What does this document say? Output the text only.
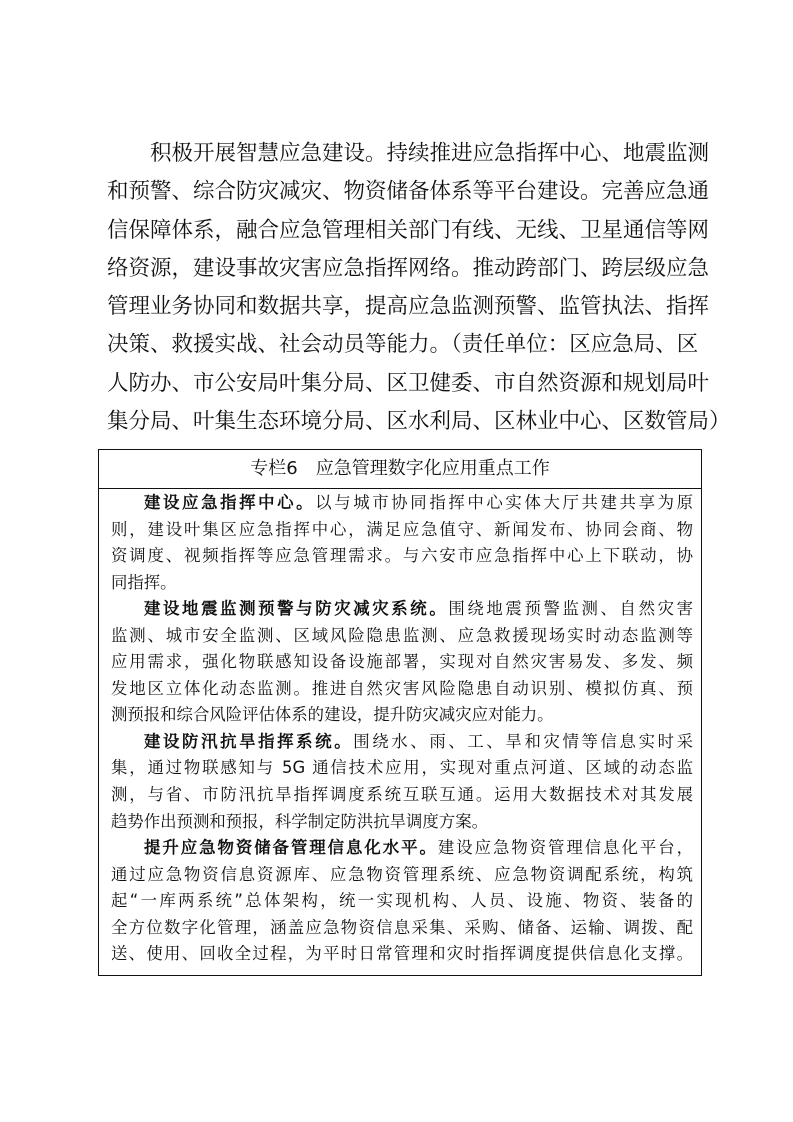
积极开展智慧应急建设。持续推进应急指挥中心、地震监测
和预警、综合防灾减灾、物资储备体系等平台建设。完善应急通
信保障体系，融合应急管理相关部门有线、无线、卫星通信等网
络资源，建设事故灾害应急指挥网络。推动跨部门、跨层级应急
管理业务协同和数据共享，提高应急监测预警、监管执法、指挥
决策、救援实战、社会动员等能力。（责任单位：区应急局、区
人防办、市公安局叶集分局、区卫健委、市自然资源和规划局叶
集分局、叶集生态环境分局、区水利局、区林业中心、区数管局）
专栏6　应急管理数字化应用重点工作
建设应急指挥中心。以与城市协同指挥中心实体大厅共建共享为原
则，建设叶集区应急指挥中心，满足应急值守、新闻发布、协同会商、物
资调度、视频指挥等应急管理需求。与六安市应急指挥中心上下联动，协
同指挥。
建设地震监测预警与防灾减灾系统。围绕地震预警监测、自然灾害
监测、城市安全监测、区域风险隐患监测、应急救援现场实时动态监测等
应用需求，强化物联感知设备设施部署，实现对自然灾害易发、多发、频
发地区立体化动态监测。推进自然灾害风险隐患自动识别、模拟仿真、预
测预报和综合风险评估体系的建设，提升防灾减灾应对能力。
建设防汛抗旱指挥系统。围绕水、雨、工、旱和灾情等信息实时采
集，通过物联感知与 5G 通信技术应用，实现对重点河道、区域的动态监
测，与省、市防汛抗旱指挥调度系统互联互通。运用大数据技术对其发展
趋势作出预测和预报，科学制定防洪抗旱调度方案。
提升应急物资储备管理信息化水平。建设应急物资管理信息化平台，
通过应急物资信息资源库、应急物资管理系统、应急物资调配系统，构筑
起“一库两系统”总体架构，统一实现机构、人员、设施、物资、装备的
全方位数字化管理，涵盖应急物资信息采集、采购、储备、运输、调拨、配
送、使用、回收全过程，为平时日常管理和灾时指挥调度提供信息化支撑。
